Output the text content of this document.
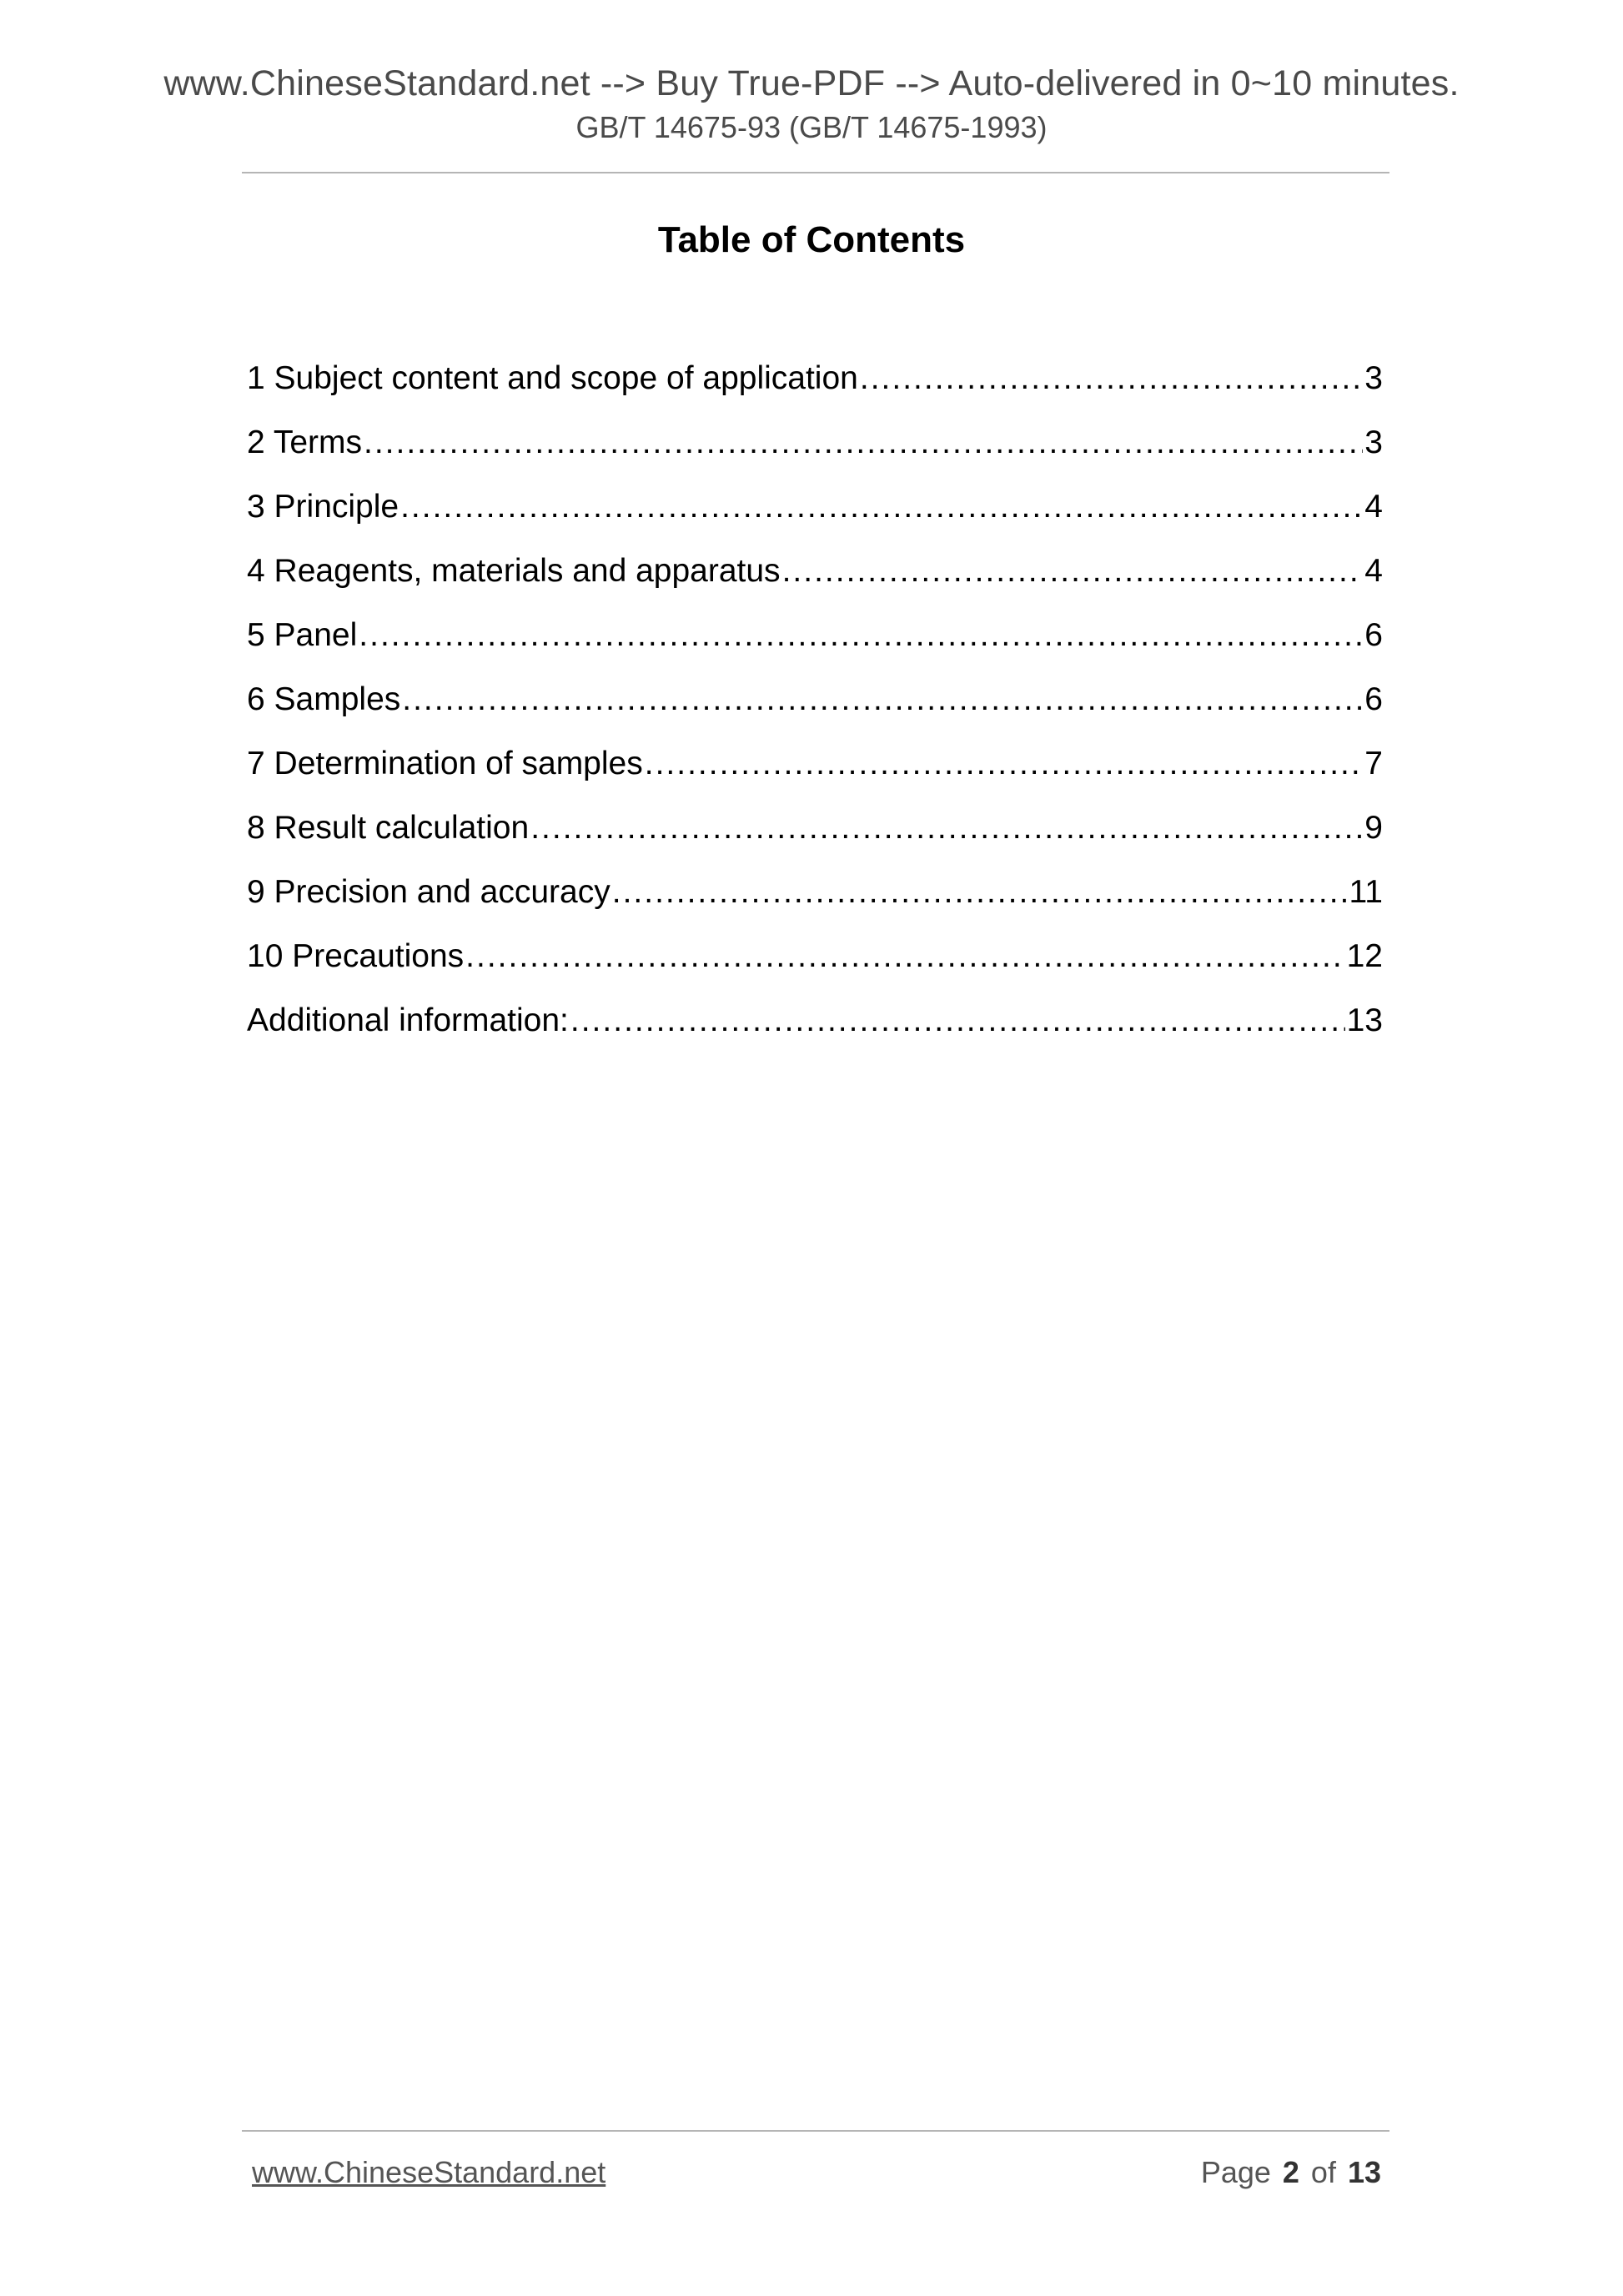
www.ChineseStandard.net --> Buy True-PDF --> Auto-delivered in 0~10 minutes.
GB/T 14675-93 (GB/T 14675-1993)
Table of Contents
1 Subject content and scope of application .....	3
2 Terms .....	3
3 Principle .....	4
4 Reagents, materials and apparatus .....	4
5 Panel .....	6
6 Samples .....	6
7 Determination of samples .....	7
8 Result calculation .....	9
9 Precision and accuracy .....	11
10 Precautions .....	12
Additional information: .....	13
www.ChineseStandard.net	Page 2 of 13
